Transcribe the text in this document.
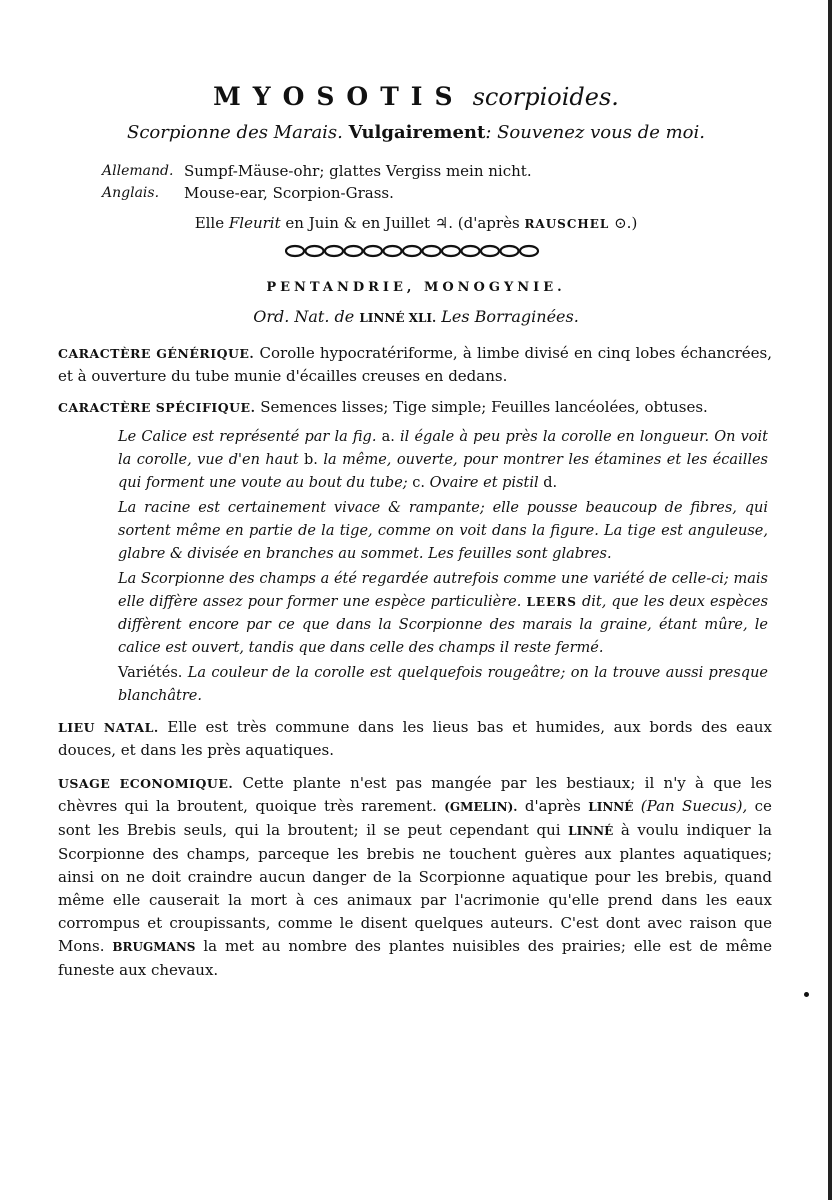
MYOSOTIS scorpioides.
Scorpionne des Marais. Vulgairement: Souvenez vous de moi.
Allemand. Sumpf-Mäuse-ohr; glattes Vergiss mein nicht.
Anglais.	Mouse-ear, Scorpion-Grass.
Elle Fleurit en Juin & en Juillet ♃. (d'après RAUSCHEL ⊙.)
PENTANDRIE, MONOGYNIE.
Ord. Nat. de LINNÉ XLI. Les Borraginées.
CARACTÈRE GÉNÉRIQUE. Corolle hypocratériforme, à limbe divisé en cinq lobes échancrées, et à ouverture du tube munie d'écailles creuses en dedans.
CARACTÈRE SPÉCIFIQUE. Semences lisses; Tige simple; Feuilles lancéolées, obtuses.
Le Calice est représenté par la fig. a. il égale à peu près la corolle en longueur. On voit la corolle, vue d'en haut b. la même, ouverte, pour montrer les étamines et les écailles qui forment une voute au bout du tube; c. Ovaire et pistil d.
La racine est certainement vivace & rampante; elle pousse beaucoup de fibres, qui sortent même en partie de la tige, comme on voit dans la figure. La tige est anguleuse, glabre & divisée en branches au sommet. Les feuilles sont glabres.
La Scorpionne des champs a été regardée autrefois comme une variété de celle-ci; mais elle diffère assez pour former une espèce particulière. LEERS dit, que les deux espèces diffèrent encore par ce que dans la Scorpionne des marais la graine, étant mûre, le calice est ouvert, tandis que dans celle des champs il reste fermé.
Variétés. La couleur de la corolle est quelquefois rougeâtre; on la trouve aussi presque blanchâtre.
LIEU NATAL. Elle est très commune dans les lieus bas et humides, aux bords des eaux douces, et dans les près aquatiques.
USAGE ECONOMIQUE. Cette plante n'est pas mangée par les bestiaux; il n'y à que les chèvres qui la broutent, quoique très rarement. (GMELIN). d'après LINNÉ (Pan Suecus), ce sont les Brebis seuls, qui la broutent; il se peut cependant qui LINNÉ à voulu indiquer la Scorpionne des champs, parceque les brebis ne touchent guères aux plantes aquatiques; ainsi on ne doit craindre aucun danger de la Scorpionne aquatique pour les brebis, quand même elle causerait la mort à ces animaux par l'acrimonie qu'elle prend dans les eaux corrompus et croupissants, comme le disent quelques auteurs. C'est dont avec raison que Mons. BRUGMANS la met au nombre des plantes nuisibles des prairies; elle est de même funeste aux chevaux.
